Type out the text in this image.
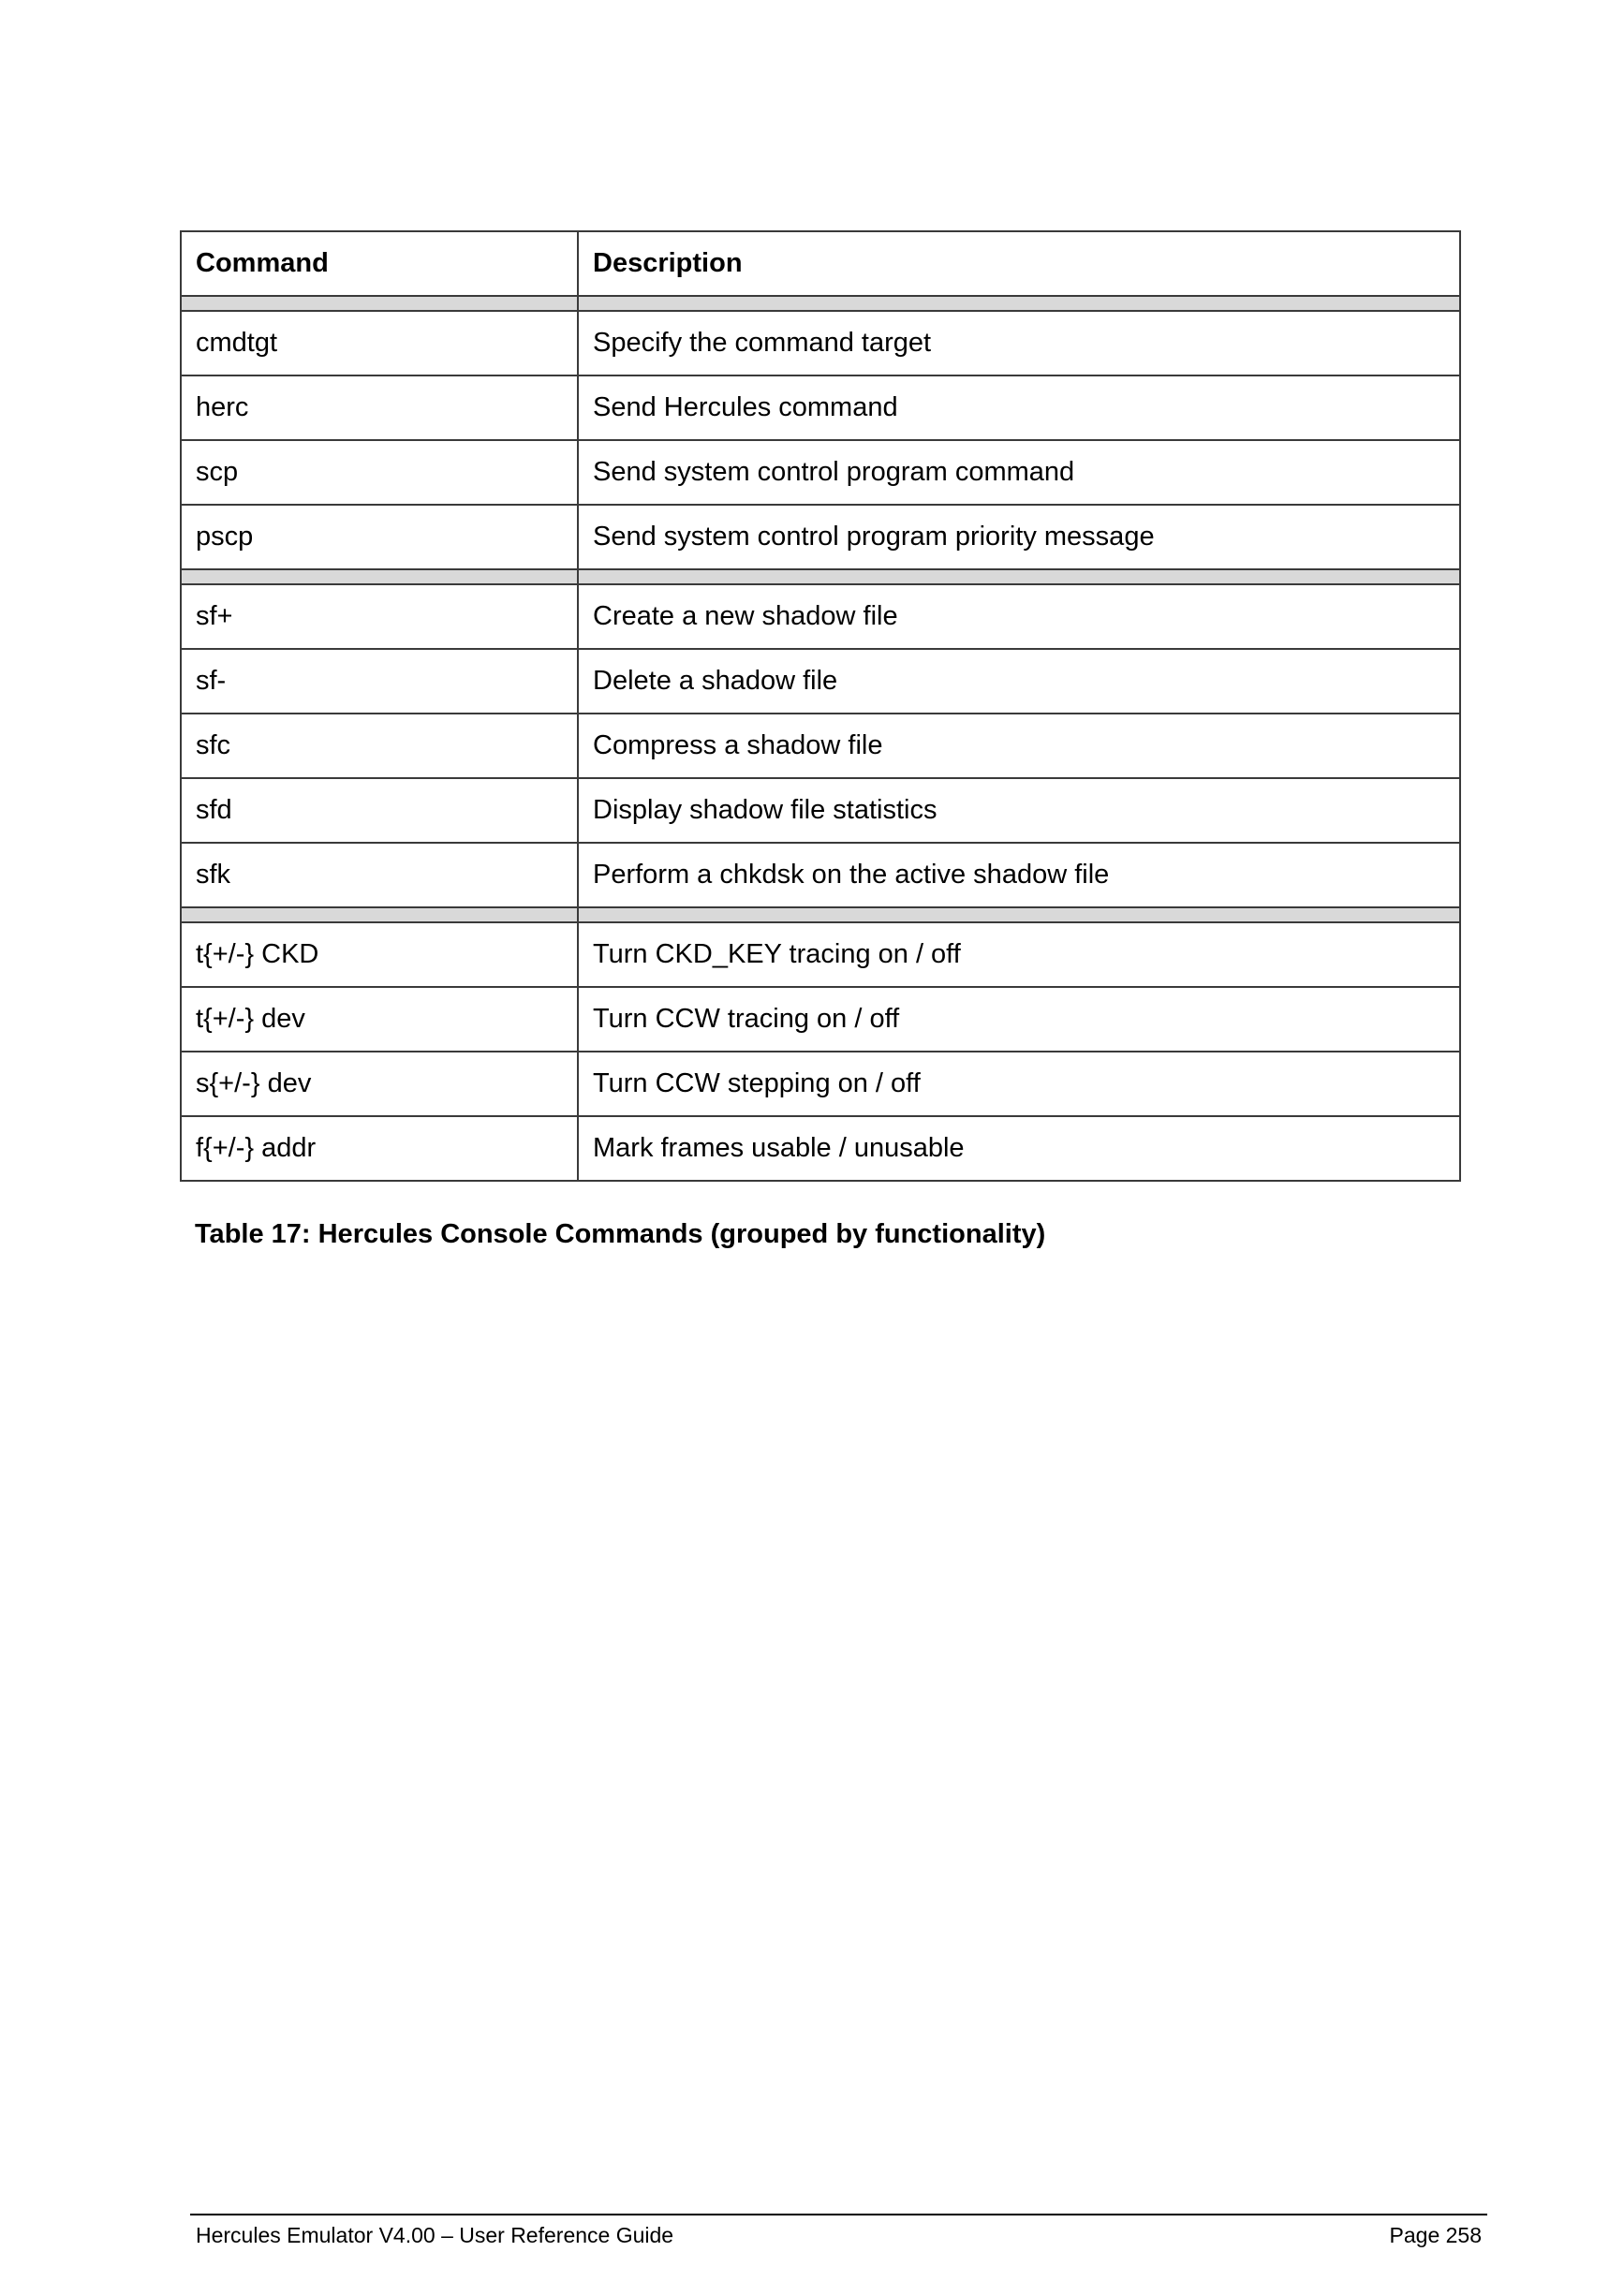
Command	Description

cmdtgt	Specify the command target
herc	Send Hercules command
scp	Send system control program command
pscp	Send system control program priority message

sf+	Create a new shadow file
sf-	Delete a shadow file
sfc	Compress a shadow file
sfd	Display shadow file statistics
sfk	Perform a chkdsk on the active shadow file

t{+/-} CKD	Turn CKD_KEY tracing on / off
t{+/-} dev	Turn CCW tracing on / off
s{+/-} dev	Turn CCW stepping on / off
f{+/-} addr	Mark frames usable / unusable

Table 17: Hercules Console Commands (grouped by functionality)

Hercules Emulator V4.00 – User Reference Guide	Page 258
